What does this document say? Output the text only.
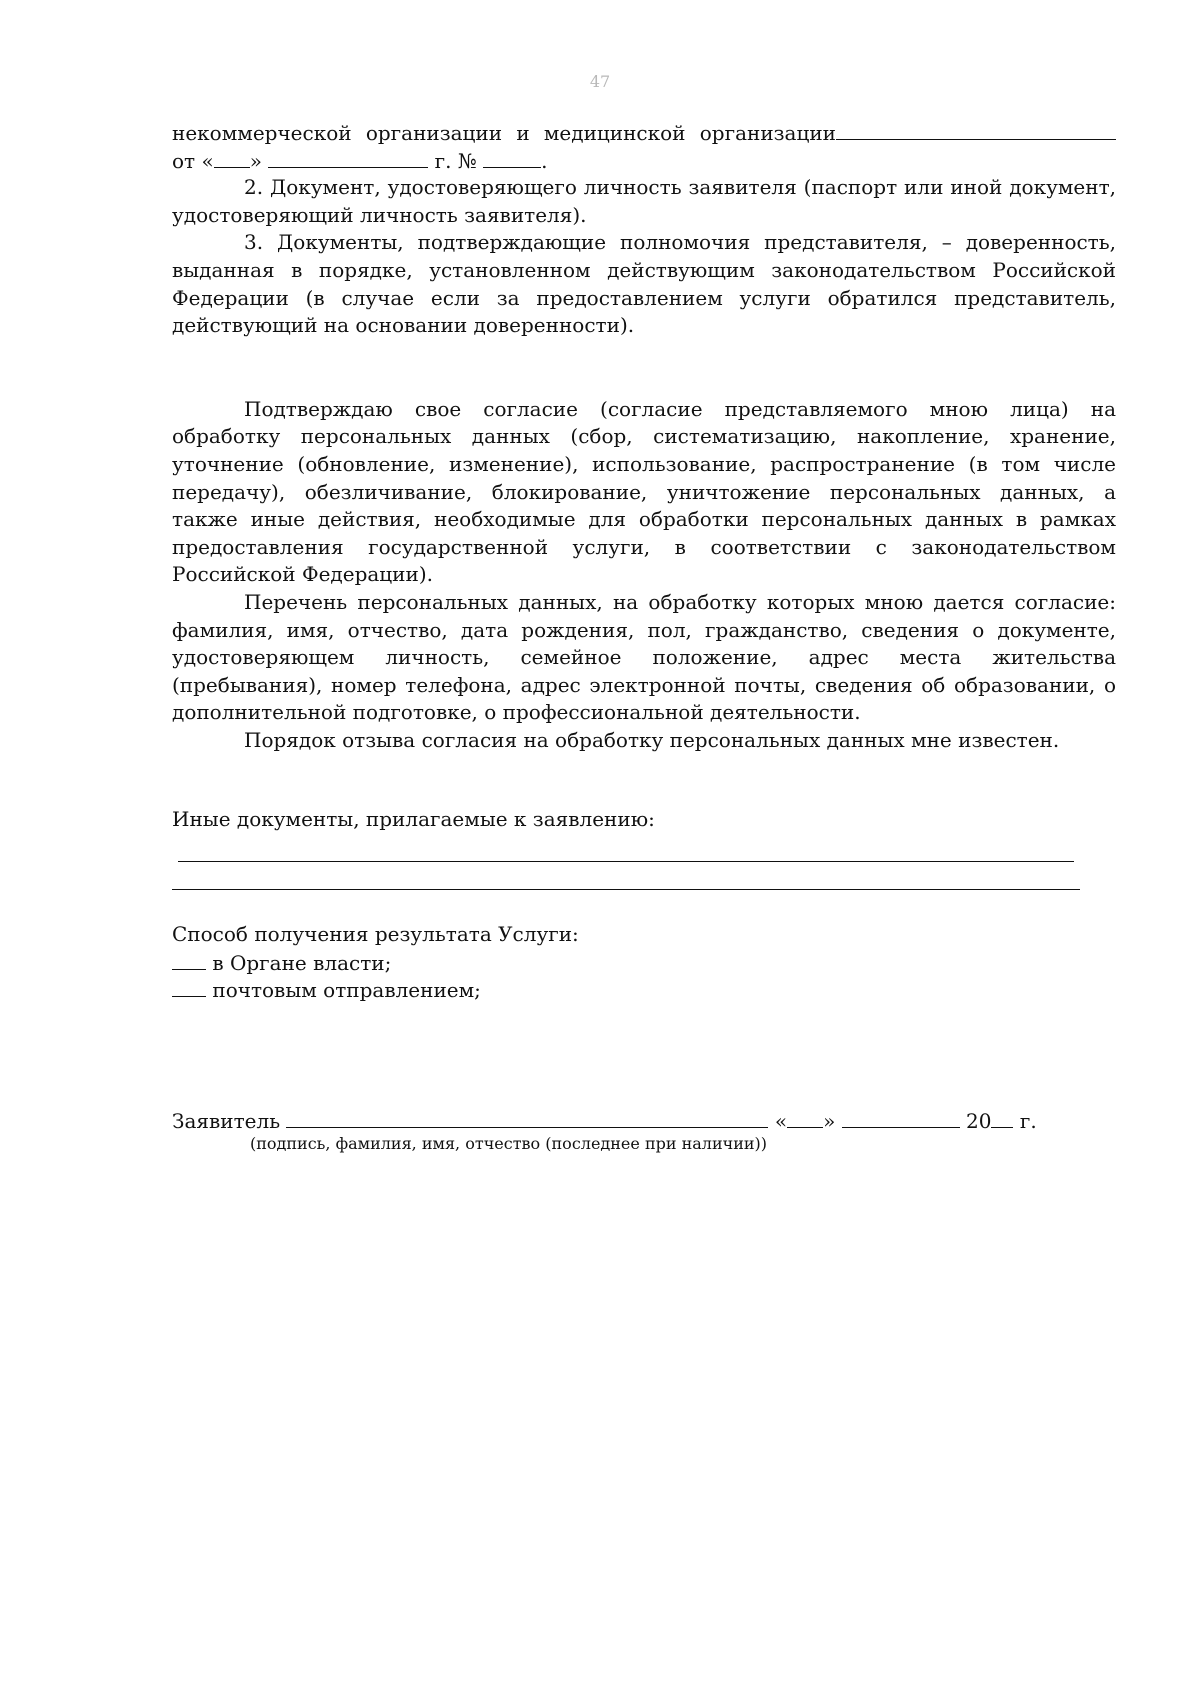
47
некоммерческой организации и медицинской организации
от « »	г. №	.
2. Документ, удостоверяющего личность заявителя (паспорт или иной документ,
удостоверяющий личность заявителя).
3. Документы, подтверждающие полномочия представителя, – доверенность,
выданная в порядке, установленном действующим законодательством Российской
Федерации (в случае если за предоставлением услуги обратился представитель,
действующий на основании доверенности).
Подтверждаю свое согласие (согласие представляемого мною лица) на
обработку персональных данных (сбор, систематизацию, накопление, хранение,
уточнение (обновление, изменение), использование, распространение (в том числе
передачу), обезличивание, блокирование, уничтожение персональных данных, а
также иные действия, необходимые для обработки персональных данных в рамках
предоставления государственной услуги, в соответствии с законодательством
Российской Федерации).
Перечень персональных данных, на обработку которых мною дается согласие:
фамилия, имя, отчество, дата рождения, пол, гражданство, сведения о документе,
удостоверяющем личность, семейное положение, адрес места жительства
(пребывания), номер телефона, адрес электронной почты, сведения об образовании, о
дополнительной подготовке, о профессиональной деятельности.
Порядок отзыва согласия на обработку персональных данных мне известен.
Иные документы, прилагаемые к заявлению:
Способ получения результата Услуги:
в Органе власти;
почтовым отправлением;
Заявитель	« »	20 г.
(подпись, фамилия, имя, отчество (последнее при наличии))
